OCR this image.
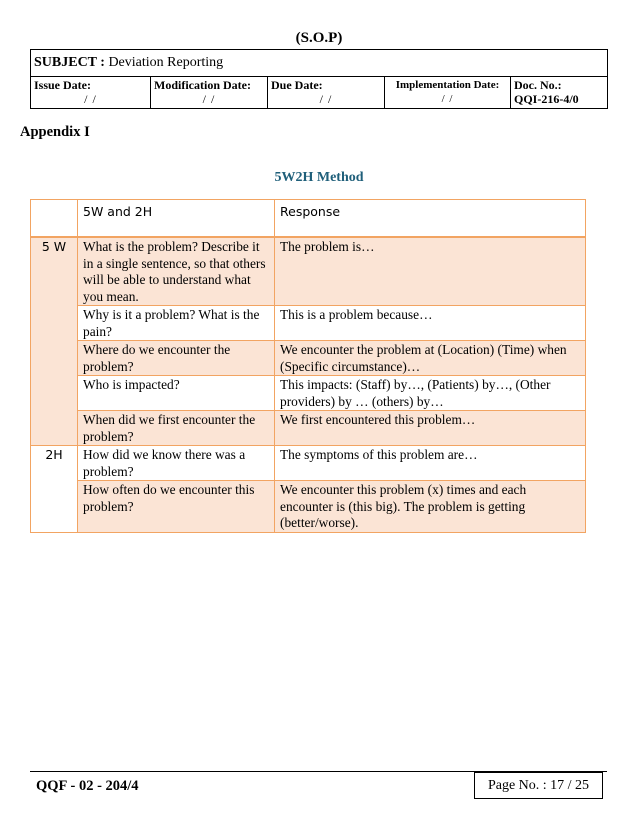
(S.O.P)
SUBJECT : Deviation Reporting
Issue Date:
/ /
	Modification Date:
/ /
	Due Date:
/ /
	Implementation Date:
/ /
	Doc. No.:
QQI-216-4/0
Appendix I
5W2H Method
	5W and 2H	Response
5 W	What is the problem? Describe it in a single sentence, so that others will be able to understand what you mean.	The problem is…
	Why is it a problem? What is the pain?	This is a problem because…
	Where do we encounter the problem?	We encounter the problem at (Location) (Time) when (Specific circumstance)…
	Who is impacted?	This impacts: (Staff) by…, (Patients) by…, (Other providers) by … (others) by…
	When did we first encounter the problem?	We first encountered this problem…
2H	How did we know there was a problem?	The symptoms of this problem are…
	How often do we encounter this problem?	We encounter this problem (x) times and each encounter is (this big). The problem is getting (better/worse).
QQF - 02 - 204/4	Page No. : 17 / 25
